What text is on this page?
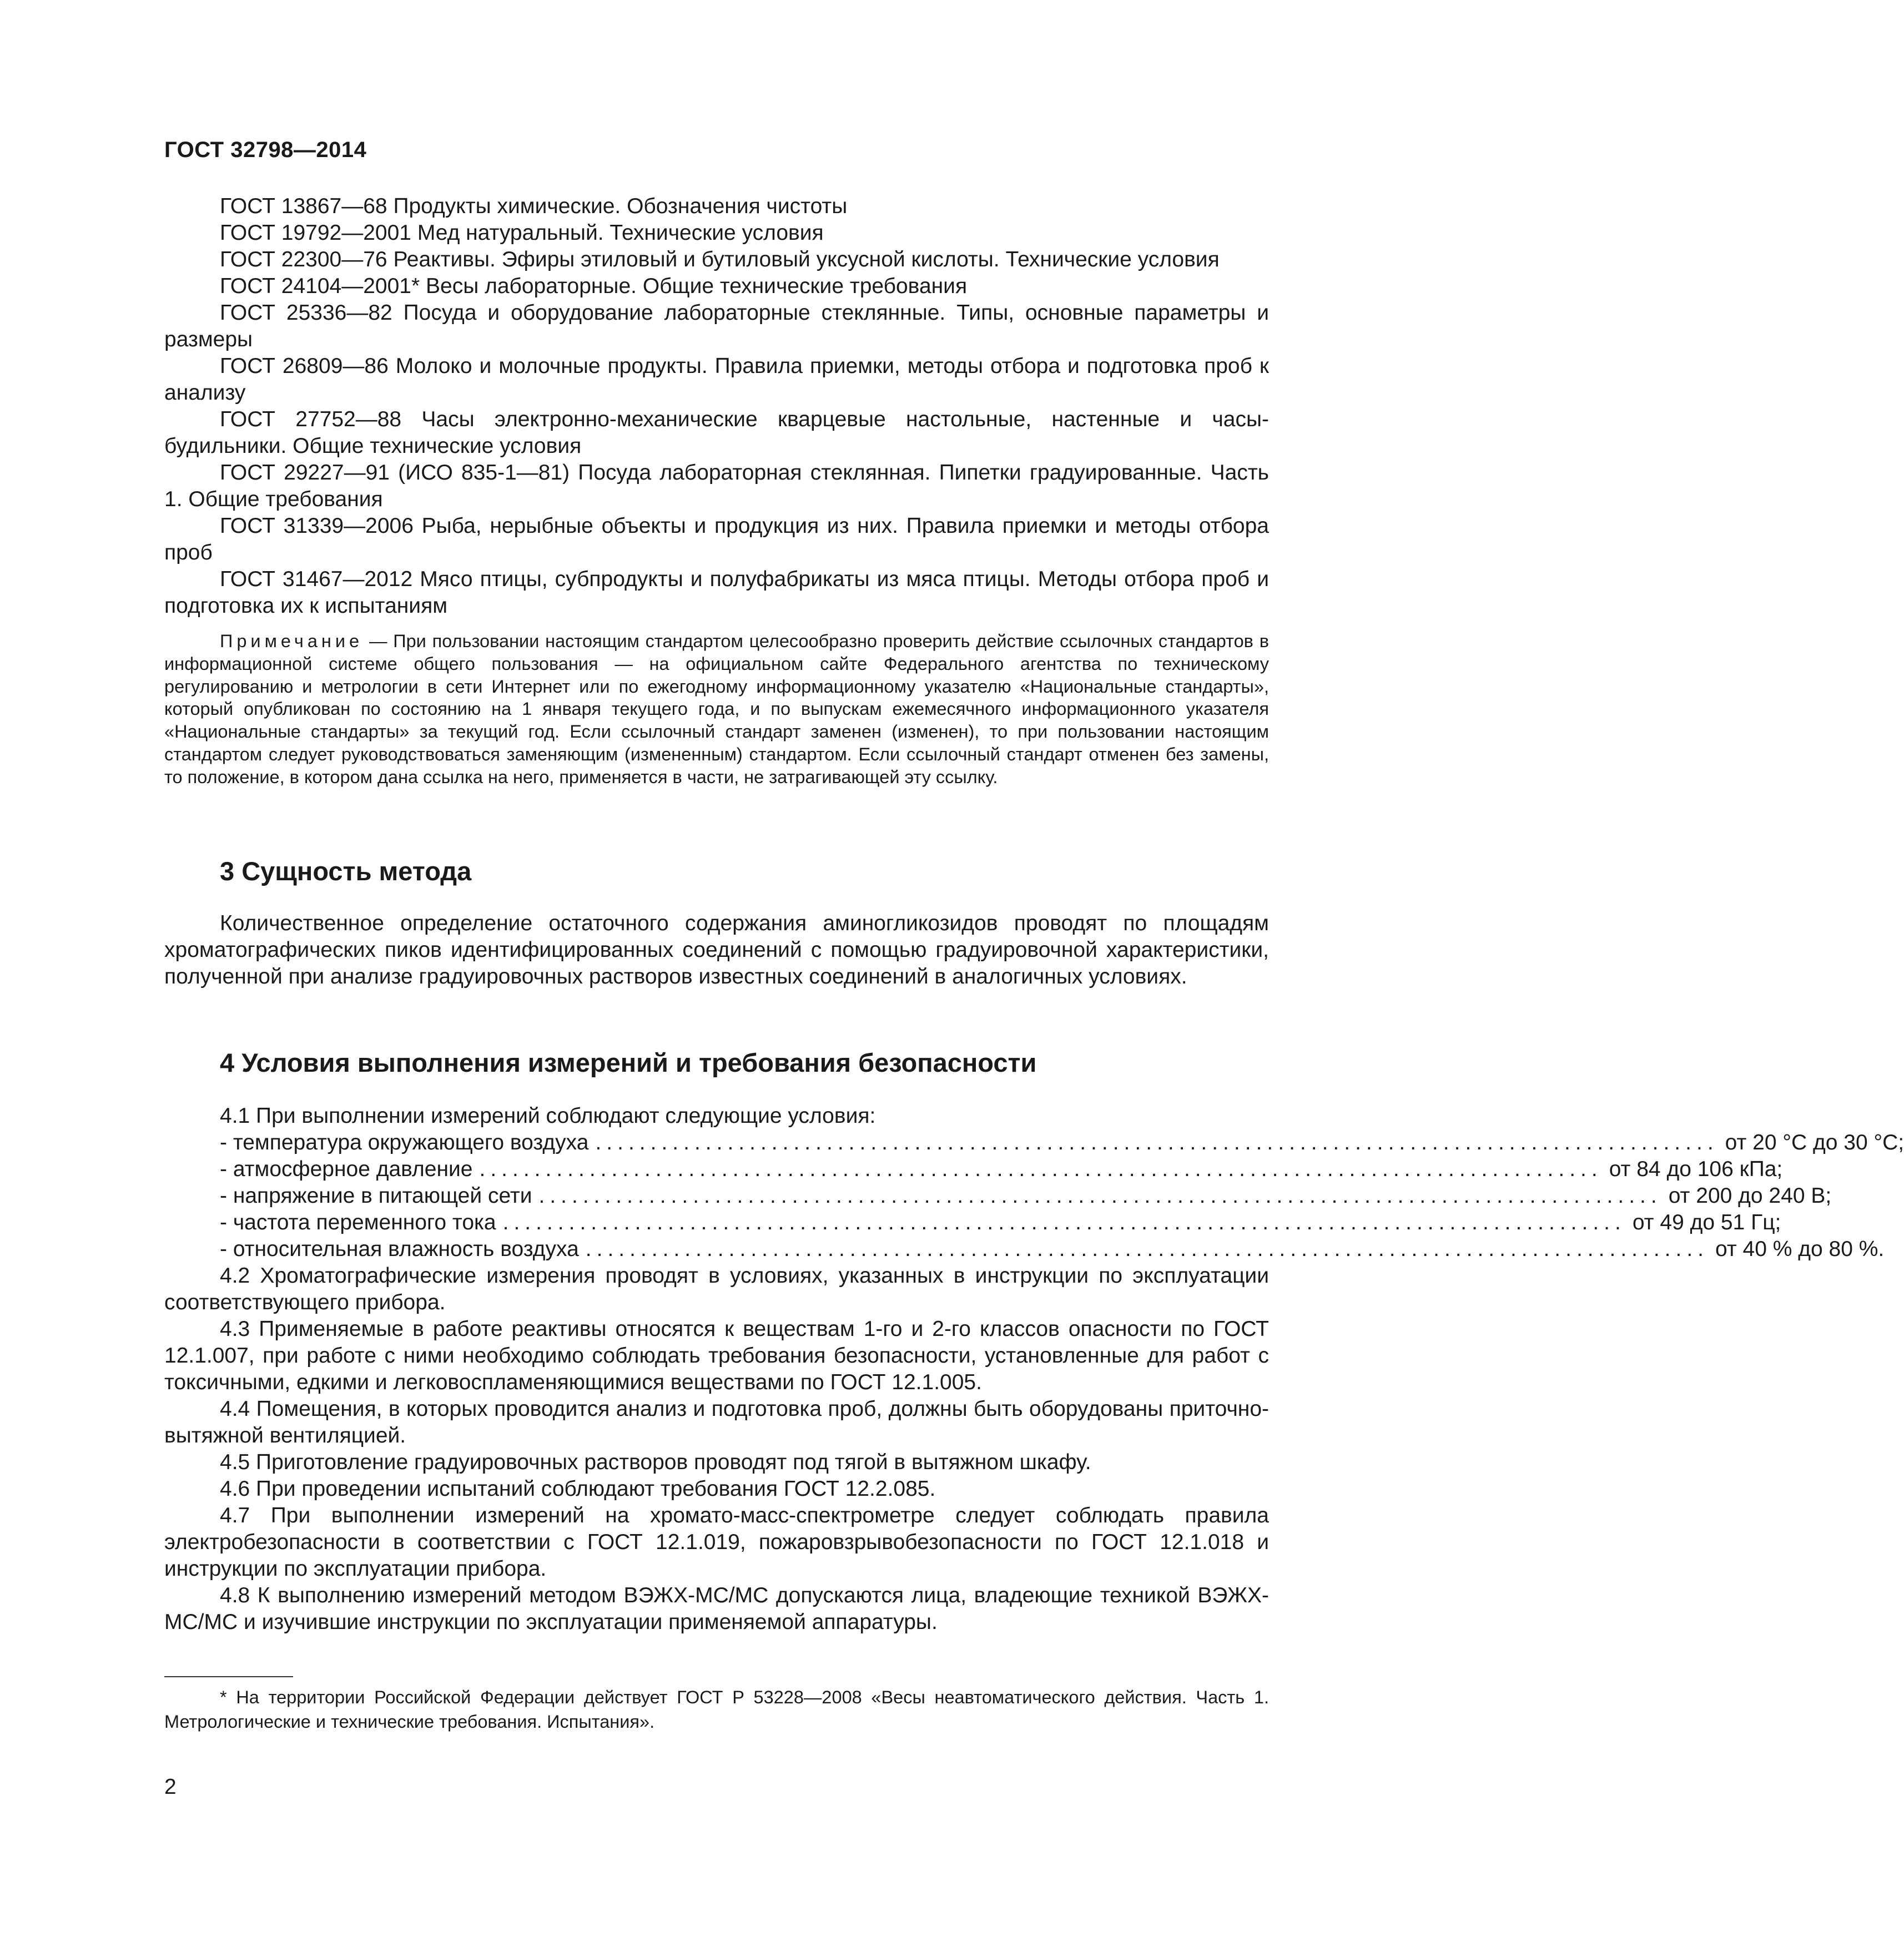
ГОСТ 32798—2014

ГОСТ 13867—68 Продукты химические. Обозначения чистоты

ГОСТ 19792—2001 Мед натуральный. Технические условия

ГОСТ 22300—76 Реактивы. Эфиры этиловый и бутиловый уксусной кислоты. Технические условия

ГОСТ 24104—2001* Весы лабораторные. Общие технические требования

ГОСТ 25336—82 Посуда и оборудование лабораторные стеклянные. Типы, основные параметры и размеры

ГОСТ 26809—86 Молоко и молочные продукты. Правила приемки, методы отбора и подготовка проб к анализу

ГОСТ 27752—88 Часы электронно-механические кварцевые настольные, настенные и часы-будильники. Общие технические условия

ГОСТ 29227—91 (ИСО 835-1—81) Посуда лабораторная стеклянная. Пипетки градуированные. Часть 1. Общие требования

ГОСТ 31339—2006 Рыба, нерыбные объекты и продукция из них. Правила приемки и методы отбора проб

ГОСТ 31467—2012 Мясо птицы, субпродукты и полуфабрикаты из мяса птицы. Методы отбора проб и подготовка их к испытаниям

Примечание — При пользовании настоящим стандартом целесообразно проверить действие ссылочных стандартов в информационной системе общего пользования — на официальном сайте Федерального агентства по техническому регулированию и метрологии в сети Интернет или по ежегодному информационному указателю «Национальные стандарты», который опубликован по состоянию на 1 января текущего года, и по выпускам ежемесячного информационного указателя «Национальные стандарты» за текущий год. Если ссылочный стандарт заменен (изменен), то при пользовании настоящим стандартом следует руководствоваться заменяющим (измененным) стандартом. Если ссылочный стандарт отменен без замены, то положение, в котором дана ссылка на него, применяется в части, не затрагивающей эту ссылку.

3 Сущность метода

Количественное определение остаточного содержания аминогликозидов проводят по площадям хроматографических пиков идентифицированных соединений с помощью градуировочной характеристики, полученной при анализе градуировочных растворов известных соединений в аналогичных условиях.

4 Условия выполнения измерений и требования безопасности

4.1 При выполнении измерений соблюдают следующие условия:

- температура окружающего воздуха ...................................................................................................... от 20 °С до 30 °С;
- атмосферное давление ...................................................................................................... от 84 до 106 кПа;
- напряжение в питающей сети ...................................................................................................... от 200 до 240 В;
- частота переменного тока ...................................................................................................... от 49 до 51 Гц;
- относительная влажность воздуха ...................................................................................................... от 40 % до 80 %.

4.2 Хроматографические измерения проводят в условиях, указанных в инструкции по эксплуатации соответствующего прибора.

4.3 Применяемые в работе реактивы относятся к веществам 1-го и 2-го классов опасности по ГОСТ 12.1.007, при работе с ними необходимо соблюдать требования безопасности, установленные для работ с токсичными, едкими и легковоспламеняющимися веществами по ГОСТ 12.1.005.

4.4 Помещения, в которых проводится анализ и подготовка проб, должны быть оборудованы приточно-вытяжной вентиляцией.

4.5 Приготовление градуировочных растворов проводят под тягой в вытяжном шкафу.

4.6 При проведении испытаний соблюдают требования ГОСТ 12.2.085.

4.7 При выполнении измерений на хромато-масс-спектрометре следует соблюдать правила электробезопасности в соответствии с ГОСТ 12.1.019, пожаровзрывобезопасности по ГОСТ 12.1.018 и инструкции по эксплуатации прибора.

4.8 К выполнению измерений методом ВЭЖХ-МС/МС допускаются лица, владеющие техникой ВЭЖХ-МС/МС и изучившие инструкции по эксплуатации применяемой аппаратуры.

* На территории Российской Федерации действует ГОСТ Р 53228—2008 «Весы неавтоматического действия. Часть 1. Метрологические и технические требования. Испытания».

2
